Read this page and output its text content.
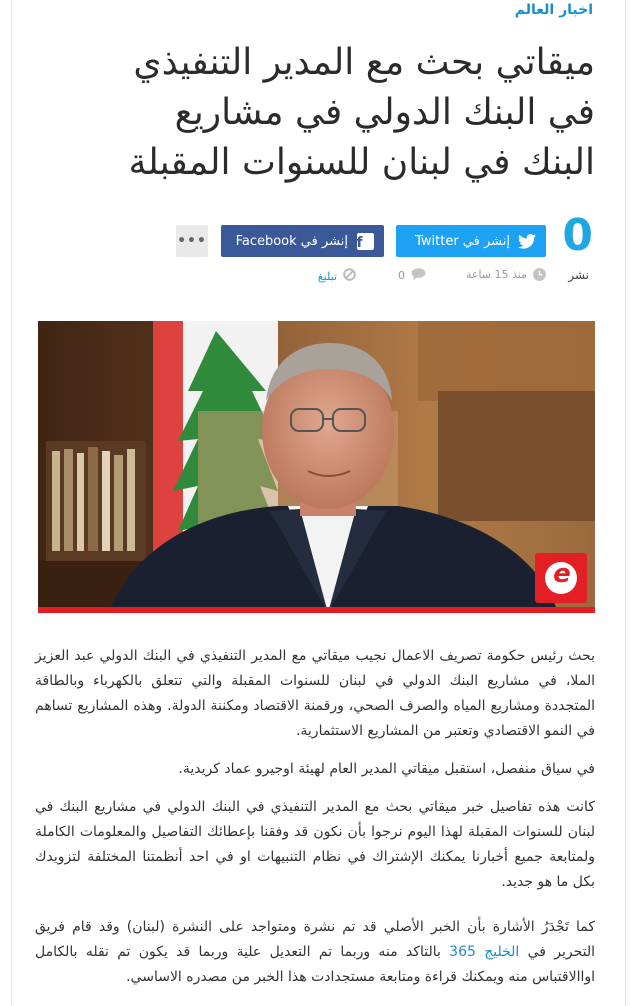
اخبار العالم
ميقاتي بحث مع المدير التنفيذي في البنك الدولي في مشاريع البنك في لبنان للسنوات المقبلة
0
نشر
إنشر في Twitter
f
إنشر في Facebook
•••
منذ 15 ساعة
0
تبليغ
e

بحث رئيس حكومة تصريف الاعمال نجيب ميقاتي مع المدير التنفيذي في البنك الدولي عبد العزيز الملا، في مشاريع البنك الدولي في لبنان للسنوات المقبلة والتي تتعلق بالكهرباء وبالطاقة المتجددة ومشاريع المياه والصرف الصحي، ورقمنة الاقتصاد ومكننة الدولة. وهذه المشاريع تساهم في النمو الاقتصادي وتعتبر من المشاريع الاستثمارية.

في سياق منفصل، استقبل ميقاتي المدير العام لهيئة اوجيرو عماد كريدية.

كانت هذه تفاصيل خبر ميقاتي بحث مع المدير التنفيذي في البنك الدولي في مشاريع البنك في لبنان للسنوات المقبلة لهذا اليوم نرجوا بأن نكون قد وفقنا بإعطائك التفاصيل والمعلومات الكاملة ولمتابعة جميع أخبارنا يمكنك الإشتراك في نظام التنبيهات او في احد أنظمتنا المختلفة لتزويدك بكل ما هو جديد.

كما تَجْدَرُ الأشارة بأن الخبر الأصلي قد تم نشرة ومتواجد على النشرة (لبنان) وقد قام فريق التحرير في الخليج 365 بالتاكد منه وربما تم التعديل علية وربما قد يكون تم نقله بالكامل اواالاقتباس منه ويمكنك قراءة ومتابعة مستجدادت هذا الخبر من مصدره الاساسي.
